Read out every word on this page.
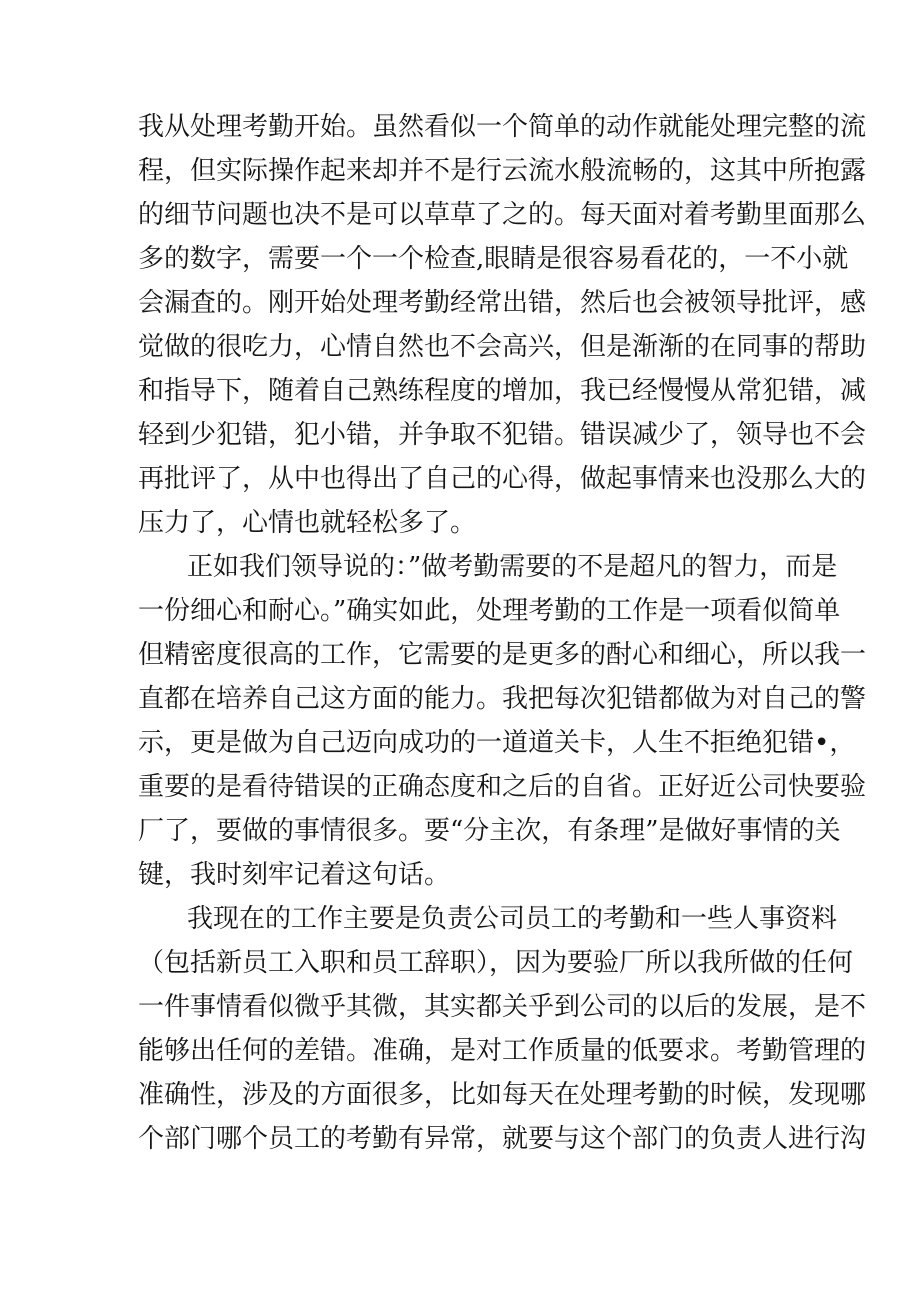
我从处理考勤开始。虽然看似一个简单的动作就能处理完整的流
程，但实际操作起来却并不是行云流水般流畅的，这其中所抱露
的细节问题也决不是可以草草了之的。每天面对着考勤里面那么
多的数字，需要一个一个检查,眼睛是很容易看花的，一不小就
会漏査的。刚开始处理考勤经常出错，然后也会被领导批评，感
觉做的很吃力，心情自然也不会高兴，但是渐渐的在同事的帮助
和指导下，随着自己熟练程度的增加，我已经慢慢从常犯错，减
轻到少犯错，犯小错，并争取不犯错。错误减少了，领导也不会
再批评了，从中也得出了自己的心得，做起事情来也没那么大的
压力了，心情也就轻松多了。
正如我们领导说的：”做考勤需要的不是超凡的智力，而是
一份细心和耐心。”确实如此，处理考勤的工作是一项看似简单
但精密度很高的工作，它需要的是更多的酎心和细心，所以我一
直都在培养自己这方面的能力。我把每次犯错都做为对自己的警
示，更是做为自己迈向成功的一道道关卡，人生不拒绝犯错•，
重要的是看待错误的正确态度和之后的自省。正好近公司快要验
厂了，要做的事情很多。要“分主次，有条理”是做好事情的关
键，我时刻牢记着这句话。
我现在的工作主要是负责公司员工的考勤和一些人事资料
（包括新员工入职和员工辞职），因为要验厂所以我所做的任何
一件事情看似微乎其微，其实都关乎到公司的以后的发展，是不
能够出任何的差错。准确，是对工作质量的低要求。考勤管理的
准确性，涉及的方面很多，比如每天在处理考勤的时候，发现哪
个部门哪个员工的考勤有异常，就要与这个部门的负责人进行沟
